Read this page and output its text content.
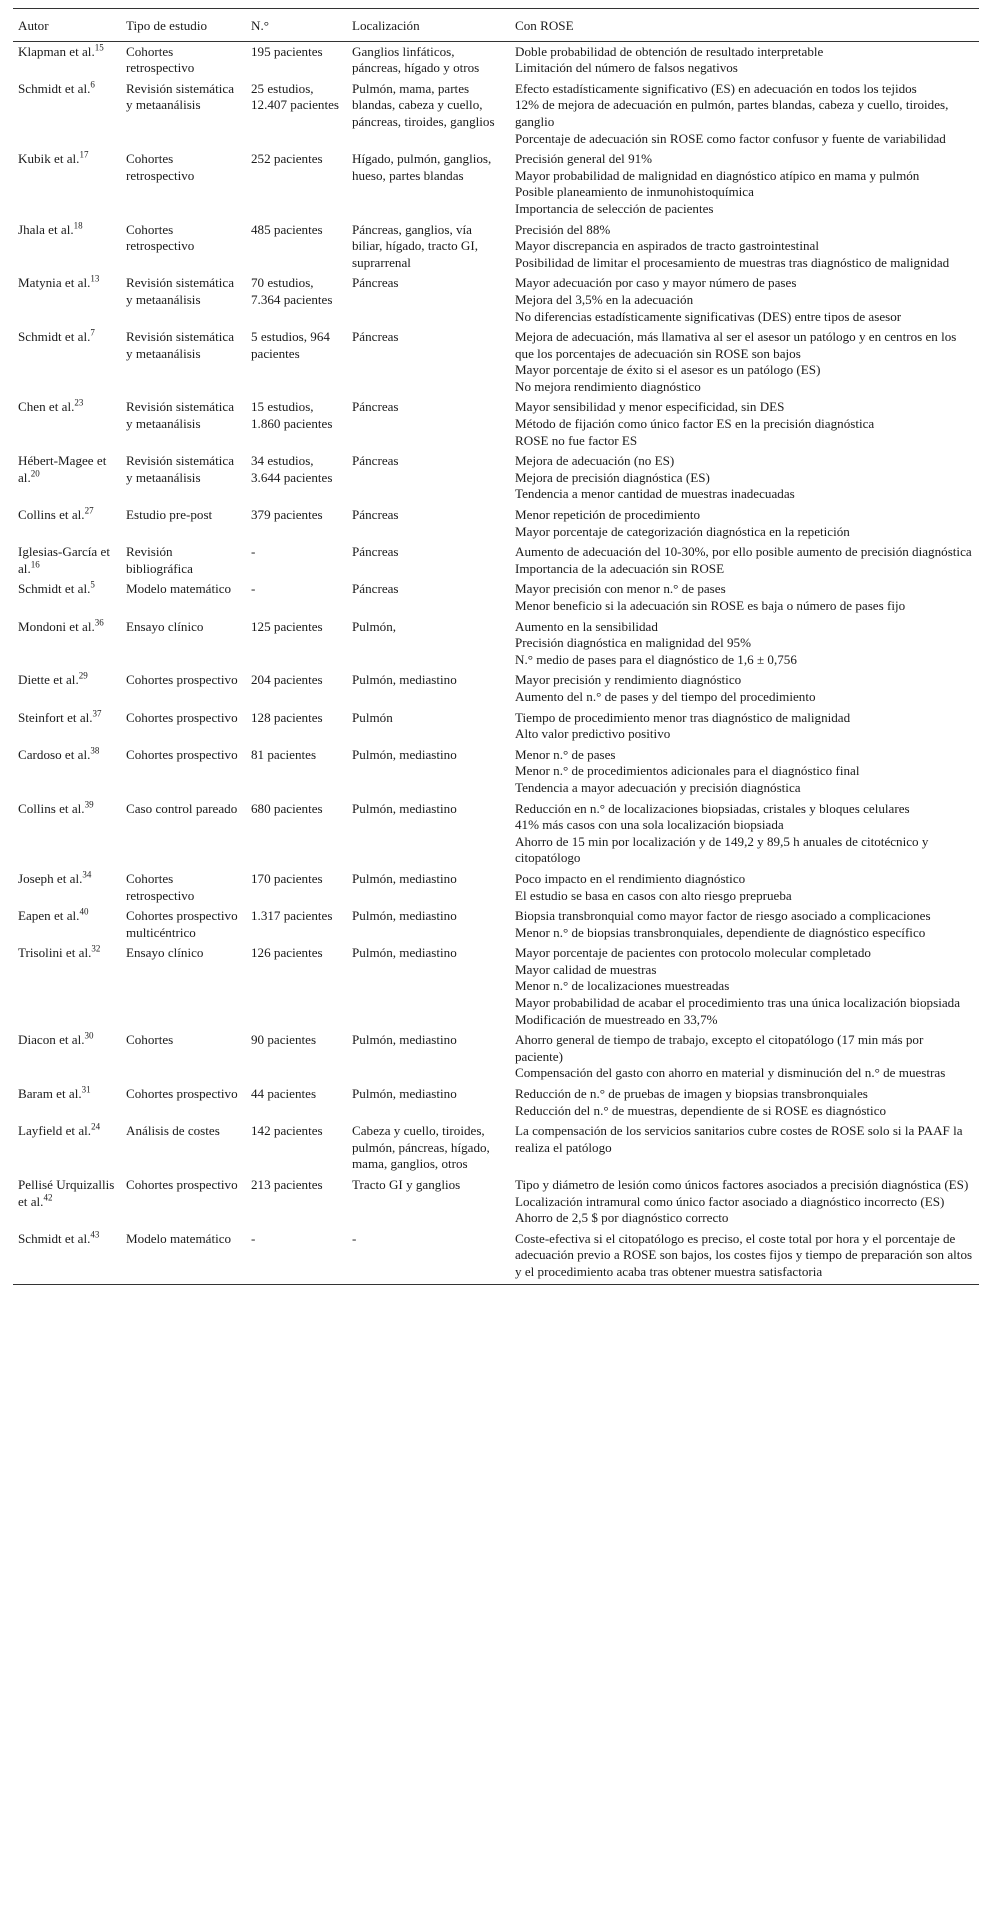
Autor	Tipo de estudio	N.°	Localización	Con ROSE
Klapman et al.$^{15}$	Cohortes retrospectivo	195 pacientes	Ganglios linfáticos, páncreas, hígado y otros	Doble probabilidad de obtención de resultado interpretable
Limitación del número de falsos negativos

Schmidt et al.$^6$	Revisión sistemática y metaanálisis	25 estudios, 12.407 pacientes	Pulmón, mama, partes blandas, cabeza y cuello, páncreas, tiroides, ganglios	Efecto estadísticamente significativo (ES) en adecuación en todos los tejidos
12% de mejora de adecuación en pulmón, partes blandas, cabeza y cuello, tiroides, ganglio
Porcentaje de adecuación sin ROSE como factor confusor y fuente de variabilidad

Kubik et al.$^{17}$	Cohortes retrospectivo	252 pacientes	Hígado, pulmón, ganglios, hueso, partes blandas	Precisión general del 91%
Mayor probabilidad de malignidad en diagnóstico atípico en mama y pulmón
Posible planeamiento de inmunohistoquímica
Importancia de selección de pacientes

Jhala et al.$^{18}$	Cohortes retrospectivo	485 pacientes	Páncreas, ganglios, vía biliar, hígado, tracto GI, suprarrenal	Precisión del 88%
Mayor discrepancia en aspirados de tracto gastrointestinal
Posibilidad de limitar el procesamiento de muestras tras diagnóstico de malignidad

Matynia et al.$^{13}$	Revisión sistemática y metaanálisis	70 estudios, 7.364 pacientes	Páncreas	Mayor adecuación por caso y mayor número de pases
Mejora del 3,5% en la adecuación
No diferencias estadísticamente significativas (DES) entre tipos de asesor

Schmidt et al.$^7$	Revisión sistemática y metaanálisis	5 estudios, 964 pacientes	Páncreas	Mejora de adecuación, más llamativa al ser el asesor un patólogo y en centros en los que los porcentajes de adecuación sin ROSE son bajos
Mayor porcentaje de éxito si el asesor es un patólogo (ES)
No mejora rendimiento diagnóstico

Chen et al.$^{23}$	Revisión sistemática y metaanálisis	15 estudios, 1.860 pacientes	Páncreas	Mayor sensibilidad y menor especificidad, sin DES
Método de fijación como único factor ES en la precisión diagnóstica
ROSE no fue factor ES

Hébert-Magee et al.$^{20}$	Revisión sistemática y metaanálisis	34 estudios, 3.644 pacientes	Páncreas	Mejora de adecuación (no ES)
Mejora de precisión diagnóstica (ES)
Tendencia a menor cantidad de muestras inadecuadas

Collins et al.$^{27}$	Estudio pre-post	379 pacientes	Páncreas	Menor repetición de procedimiento
Mayor porcentaje de categorización diagnóstica en la repetición

Iglesias-García et al.$^{16}$	Revisión bibliográfica	-	Páncreas	Aumento de adecuación del 10-30%, por ello posible aumento de precisión diagnóstica
Importancia de la adecuación sin ROSE

Schmidt et al.$^5$	Modelo matemático	-	Páncreas	Mayor precisión con menor n.° de pases
Menor beneficio si la adecuación sin ROSE es baja o número de pases fijo

Mondoni et al.$^{36}$	Ensayo clínico	125 pacientes	Pulmón,	Aumento en la sensibilidad
Precisión diagnóstica en malignidad del 95%
N.° medio de pases para el diagnóstico de 1,6 ± 0,756

Diette et al.$^{29}$	Cohortes prospectivo	204 pacientes	Pulmón, mediastino	Mayor precisión y rendimiento diagnóstico
Aumento del n.° de pases y del tiempo del procedimiento

Steinfort et al.$^{37}$	Cohortes prospectivo	128 pacientes	Pulmón	Tiempo de procedimiento menor tras diagnóstico de malignidad
Alto valor predictivo positivo

Cardoso et al.$^{38}$	Cohortes prospectivo	81 pacientes	Pulmón, mediastino	Menor n.° de pases
Menor n.° de procedimientos adicionales para el diagnóstico final
Tendencia a mayor adecuación y precisión diagnóstica

Collins et al.$^{39}$	Caso control pareado	680 pacientes	Pulmón, mediastino	Reducción en n.° de localizaciones biopsiadas, cristales y bloques celulares
41% más casos con una sola localización biopsiada
Ahorro de 15 min por localización y de 149,2 y 89,5 h anuales de citotécnico y citopatólogo

Joseph et al.$^{34}$	Cohortes retrospectivo	170 pacientes	Pulmón, mediastino	Poco impacto en el rendimiento diagnóstico
El estudio se basa en casos con alto riesgo preprueba

Eapen et al.$^{40}$	Cohortes prospectivo multicéntrico	1.317 pacientes	Pulmón, mediastino	Biopsia transbronquial como mayor factor de riesgo asociado a complicaciones
Menor n.° de biopsias transbronquiales, dependiente de diagnóstico específico

Trisolini et al.$^{32}$	Ensayo clínico	126 pacientes	Pulmón, mediastino	Mayor porcentaje de pacientes con protocolo molecular completado
Mayor calidad de muestras
Menor n.° de localizaciones muestreadas
Mayor probabilidad de acabar el procedimiento tras una única localización biopsiada
Modificación de muestreado en 33,7%

Diacon et al.$^{30}$	Cohortes	90 pacientes	Pulmón, mediastino	Ahorro general de tiempo de trabajo, excepto el citopatólogo (17 min más por paciente)
Compensación del gasto con ahorro en material y disminución del n.° de muestras

Baram et al.$^{31}$	Cohortes prospectivo	44 pacientes	Pulmón, mediastino	Reducción de n.° de pruebas de imagen y biopsias transbronquiales
Reducción del n.° de muestras, dependiente de si ROSE es diagnóstico

Layfield et al.$^{24}$	Análisis de costes	142 pacientes	Cabeza y cuello, tiroides, pulmón, páncreas, hígado, mama, ganglios, otros	La compensación de los servicios sanitarios cubre costes de ROSE solo si la PAAF la realiza el patólogo

Pellisé Urquizallis et al.$^{42}$	Cohortes prospectivo	213 pacientes	Tracto GI y ganglios	Tipo y diámetro de lesión como únicos factores asociados a precisión diagnóstica (ES)
Localización intramural como único factor asociado a diagnóstico incorrecto (ES)
Ahorro de 2,5 $ por diagnóstico correcto

Schmidt et al.$^{43}$	Modelo matemático	-	-	Coste-efectiva si el citopatólogo es preciso, el coste total por hora y el porcentaje de adecuación previo a ROSE son bajos, los costes fijos y tiempo de preparación son altos y el procedimiento acaba tras obtener muestra satisfactoria
